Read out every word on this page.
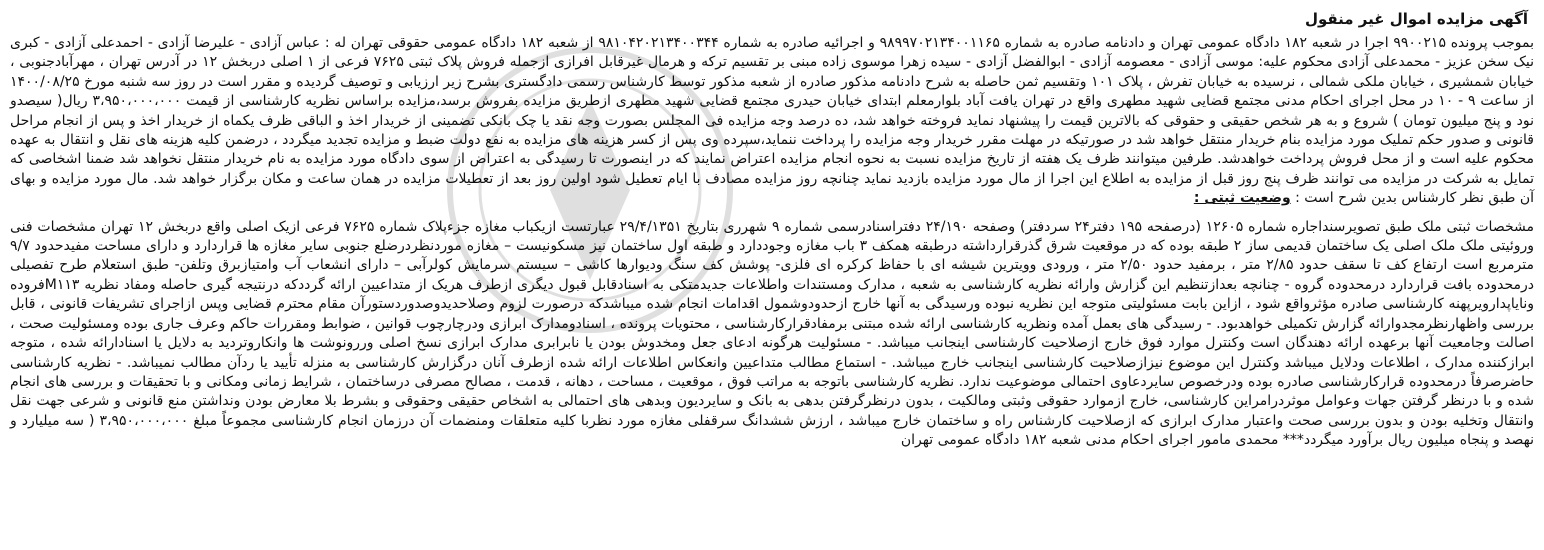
آگهی مزایده اموال غیر منقول

بموجب پرونده ۹۹۰۰۲۱۵ اجرا در شعبه ۱۸۲ دادگاه عمومی تهران و دادنامه صادره به شماره ۹۸۹۹۷۰۲۱۳۴۰۰۱۱۶۵ و اجرائیه صادره به شماره ۹۸۱۰۴۲۰۲۱۳۴۰۰۳۴۴ از شعبه ۱۸۲ دادگاه عمومی حقوقی تهران له : عباس آزادی - علیرضا آزادی - احمدعلی آزادی - کبری نیک سخن عزیز - محمدعلی آزادی محکوم علیه: موسی آزادی - معصومه آزادی - ابوالفضل آزادی - سیده زهرا موسوی زاده مبنی بر تقسیم ترکه و هرمال غیرقابل افرازی ازجمله فروش پلاک ثبتی ۷۶۲۵ فرعی از ۱ اصلی دربخش ۱۲ در آدرس تهران ، مهرآبادجنوبی ، خیابان شمشیری ، خیابان ملکی شمالی ، نرسیده به خیابان تفرش ، پلاک ۱۰۱ وتقسیم ثمن حاصله به شرح دادنامه مذکور صادره از شعبه مذکور توسط کارشناس رسمی دادگستری بشرح زیر ارزیابی و توصیف گردیده و مقرر است در روز سه شنبه مورخ ۱۴۰۰/۰۸/۲۵ از ساعت ۹ - ۱۰ در محل اجرای احکام مدنی مجتمع قضایی شهید مطهری واقع در تهران یافت آباد بلوارمعلم ابتدای خیابان حیدری مجتمع قضایی شهید مطهری ازطریق مزایده بفروش برسد،مزایده براساس نظریه کارشناسی از قیمت ۳،۹۵۰،۰۰۰،۰۰۰ ریال( سیصدو نود و پنج میلیون تومان ) شروع و به هر شخص حقیقی و حقوقی که بالاترین قیمت را پیشنهاد نماید فروخته خواهد شد، ده درصد وجه مزایده فی المجلس بصورت وجه نقد یا چک بانکی تضمینی از خریدار اخذ و الباقی ظرف یکماه از خریدار اخذ و پس از انجام مراحل قانونی و صدور حکم تملیک مورد مزایده بنام خریدار منتقل خواهد شد در صورتیکه در مهلت مقرر خریدار وجه مزایده را پرداخت ننماید،سپرده وی پس از کسر هزینه های مزایده به نفع دولت ضبط و مزایده تجدید میگردد ، درضمن کلیه هزینه های نقل و انتقال به عهده محکوم علیه است و از محل فروش پرداخت خواهدشد. طرفین میتوانند ظرف یک هفته از تاریخ مزایده نسبت به نحوه انجام مزایده اعتراض نمایند که در اینصورت تا رسیدگی به اعتراض از سوی دادگاه مورد مزایده به نام خریدار منتقل نخواهد شد ضمنا اشخاصی که تمایل به شرکت در مزایده می توانند ظرف پنج روز قبل از مزایده به اطلاع این اجرا از مال مورد مزایده بازدید نماید چنانچه روز مزایده مصادف با ایام تعطیل شود اولین روز بعد از تعطیلات مزایده در همان ساعت و مکان برگزار خواهد شد. مال مورد مزایده و بهای آن طبق نظر کارشناس بدین شرح است : وضعیت ثبتی :

مشخصات ثبتی ملک طبق تصویرسنداجاره شماره ۱۲۶۰۵ (درصفحه ۱۹۵ دفتر۲۴ سردفتر) وصفحه ۲۴/۱۹۰ دفتراسنادرسمی شماره ۹ شهرری بتاریخ ۲۹/۴/۱۳۵۱ عبارتست ازیکباب مغازه جزءپلاک شماره ۷۶۲۵ فرعی ازیک اصلی واقع دربخش ۱۲ تهران مشخصات فنی وروئیتی ملک ملک اصلی یک ساختمان قدیمی ساز ۲ طبقه بوده که در موقعیت شرق گذرقرارداشته درطبقه همکف ۳ باب مغازه وجوددارد و طبقه اول ساختمان نیز مسکونیست – مغازه موردنظردرضلع جنوبی سایر مغازه ها قراردارد و دارای مساحت مفیدحدود ۹/۷ مترمربع است ارتفاع کف تا سقف حدود ۲/۸۵ متر ، برمفید حدود ۲/۵۰ متر ، ورودی وویترین شیشه ای با حفاظ کرکره ای فلزی- پوشش کف سنگ ودیوارها کاشی – سیستم سرمایش کولرآبی – دارای انشعاب آب وامتیازبرق وتلفن- طبق استعلام طرح تفصیلی درمحدوده بافت قراردارد درمحدوده گروه - چنانچه بعدازتنظیم این گزارش وارائه نظریه کارشناسی به شعبه ، مدارک ومستندات واطلاعات جدیدمتکی به اسنادقابل قبول دیگری ازطرف هریک از متداعیین ارائه گرددکه درنتیجه گیری حاصله ومفاد نظریه M۱۱۳فروده ونایاپدارویرپهنه کارشناسی صادره مؤثرواقع شود ، ازاین بابت مسئولیتی متوجه این نظریه نبوده ورسیدگی به آنها خارج ازحدودوشمول اقدامات انجام شده میباشدکه درصورت لزوم وصلاحدیدوصدوردستورآن مقام محترم قضایی وپس ازاجرای تشریفات قانونی ، قابل بررسی واظهارنظرمجدوارائه گزارش تکمیلی خواهدبود. - رسیدگی های بعمل آمده ونظریه کارشناسی ارائه شده مبتنی برمفادقرارکارشناسی ، محتویات پرونده ، اسنادومدارک ابرازی ودرچارچوب قوانین ، ضوابط ومقررات حاکم وعرف جاری بوده ومسئولیت صحت ، اصالت وجامعیت آنها برعهده ارائه دهندگان است وکنترل موارد فوق خارج ازصلاحیت کارشناسی اینجانب میباشد. - مسئولیت هرگونه ادعای جعل ومخدوش بودن یا نابرابری مدارک ابرازی نسخ اصلی وررونوشت ها وانکاروتردید به دلایل یا اسنادارائه شده ، متوجه ابرازکننده مدارک ، اطلاعات ودلایل میباشد وکنترل این موضوع نیزازصلاحیت کارشناسی اینجانب خارج میباشد. - استماع مطالب متداعیین وانعکاس اطلاعات ارائه شده ازطرف آنان درگزارش کارشناسی به منزله تأیید یا ردآن مطالب نمیباشد. - نظریه کارشناسی حاضرصرفاً درمحدوده قرارکارشناسی صادره بوده ودرخصوص سایردعاوی احتمالی موضوعیت ندارد. نظریه کارشناسی باتوجه به مراتب فوق ، موقعیت ، مساحت ، دهانه ، قدمت ، مصالح مصرفی درساختمان ، شرایط زمانی ومکانی و با تحقیقات و بررسی های انجام شده و با درنظر گرفتن جهات وعوامل موثردرامراین کارشناسی، خارج ازموارد حقوقی وثبتی ومالکیت ، بدون درنظرگرفتن بدهی به بانک و سایردیون وبدهی های احتمالی به اشخاص حقیقی وحقوقی و بشرط بلا معارض بودن ونداشتن منع قانونی و شرعی جهت نقل وانتقال وتخلیه بودن و بدون بررسی صحت واعتبار مدارک ابرازی که ازصلاحیت کارشناس راه و ساختمان خارج میباشد ، ارزش ششدانگ سرقفلی مغازه مورد نظربا کلیه متعلقات ومنضمات آن درزمان انجام کارشناسی مجموعاً مبلغ ۳،۹۵۰،۰۰۰،۰۰۰ ( سه میلیارد و نهصد و پنجاه میلیون ریال برآورد میگردد*** محمدی مامور اجرای احکام مدنی شعبه ۱۸۲ دادگاه عمومی تهران
